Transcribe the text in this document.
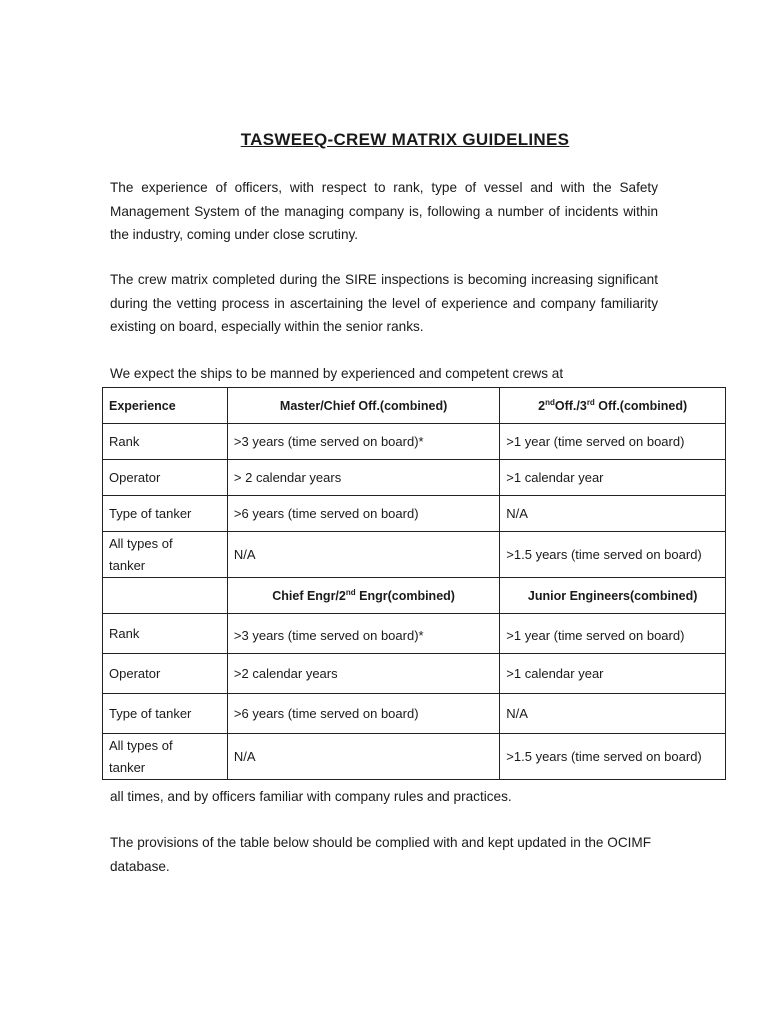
TASWEEQ-CREW MATRIX GUIDELINES

The experience of officers, with respect to rank, type of vessel and with the Safety Management System of the managing company is, following a number of incidents within the industry, coming under close scrutiny.

The crew matrix completed during the SIRE inspections is becoming increasing significant during the vetting process in ascertaining the level of experience and company familiarity existing on board, especially within the senior ranks.

We expect the ships to be manned by experienced and competent crews at

Experience	Master/Chief Off.(combined)	2ndOff./3rd Off.(combined)
Rank	>3 years (time served on board)*	>1 year (time served on board)
Operator	> 2 calendar years	>1 calendar year
Type of tanker	>6 years (time served on board)	N/A

All types of tanker	N/A	>1.5 years (time served on board)
	Chief Engr/2nd Engr(combined)	Junior Engineers(combined)
Rank	>3 years (time served on board)*	>1 year (time served on board)
Operator	>2 calendar years	>1 calendar year
Type of tanker	>6 years (time served on board)	N/A

All types of tanker	N/A	>1.5 years (time served on board)

all times, and by officers familiar with company rules and practices.

The provisions of the table below should be complied with and kept updated in the OCIMF database.
